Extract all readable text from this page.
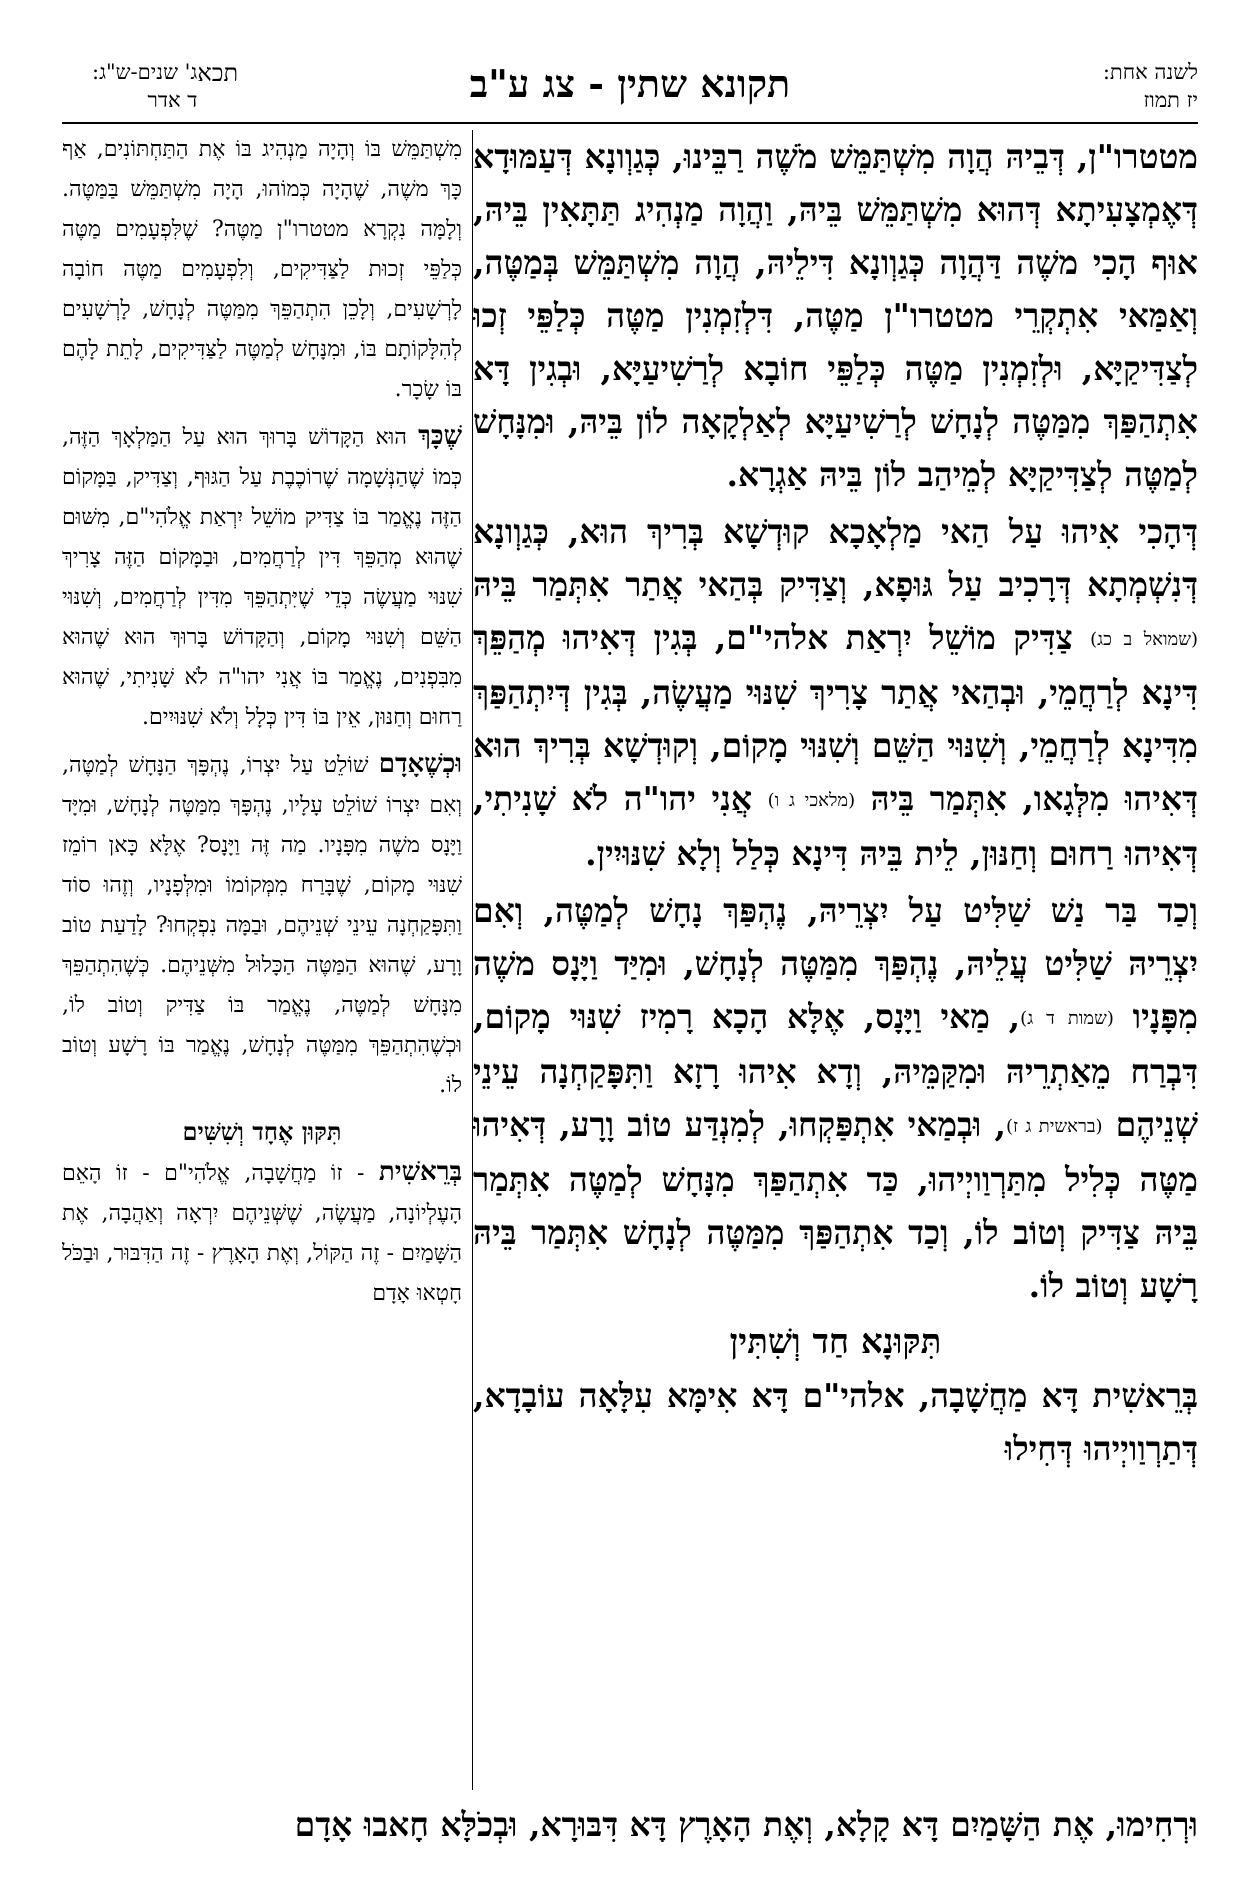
לשנה אחת:
יז תמוז
תקונא שתין - צג ע"ב
ג' שנים-ש"ג:
ד אדר
תכא

מטטרו"ן, דְּבֵיהּ הֲוָה מִשְׁתַּמֵּשׁ מֹשֶׁה רַבֵּינוּ, כְּגַוְונָא דְּעַמּוּדָא דְּאֶמְצָעִיתָא דְּהוּא מִשְׁתַּמֵּשׁ בֵּיהּ, וַהֲוָה מַנְהִיג תַּתָּאִין בֵּיהּ, אוּף הָכִי משֶׁה דַּהֲוָה כְּגַוְונָא דִּילֵיהּ, הֲוָה מִשְׁתַּמֵּשׁ בְּמַטֶּה, וְאַמַּאי אִתְקְרֵי מטטרו"ן מַטֶּה, דִּלְזִמְנִין מַטֶּה כְּלַפֵּי זְכוּ לְצַדִּיקַיָּא, וּלְזִמְנִין מַטֶּה כְּלַפֵּי חוֹבָא לְרַשִׁיעַיָּא, וּבְגִין דָּא אִתְהַפַּךְ מִמַּטֶּה לְנָחָשׁ לְרַשִׁיעַיָּא לְאַלְקָאָה לוֹן בֵּיהּ, וּמִנָּחָשׁ לְמַטֶּה לְצַדִּיקַיָּא לְמֵיהַב לוֹן בֵּיהּ אַגְרָא.

דְּהָכִי אִיהוּ עַל הַאי מַלְאָכָא קוּדְשָׁא בְּרִיךְ הוּא, כְּגַוְונָא דְּנִשְׁמְתָא דְּרָכִיב עַל גּוּפָא, וְצַדִּיק בְּהַאי אֲתַר אִתְּמַר בֵּיהּ (שמואל ב כג) צַדִּיק מוֹשֵׁל יִרְאַת אלהי"ם, בְּגִין דְּאִיהוּ מְהַפֵּךְ דִּינָא לְרַחֲמֵי, וּבְהַאי אֲתַר צָרִיךְ שִׁנּוּי מַעֲשֶׂה, בְּגִין דְּיִתְהַפַּךְ מִדִּינָא לְרַחֲמֵי, וְשִׁנּוּי הַשֵּׁם וְשִׁנּוּי מָקוֹם, וְקוּדְשָׁא בְּרִיךְ הוּא דְּאִיהוּ מִלְּגָאו, אִתְּמַר בֵּיהּ (מלאכי ג ו) אֲנִי יהו"ה לֹא שָׁנִיתִי, דְּאִיהוּ רַחוּם וְחַנּוּן, לֵית בֵּיהּ דִּינָא כְּלַל וְלָא שִׁנּוּיִין.

וְכַד בַּר נַשׁ שַׁלִּיט עַל יִצְרֵיהּ, נֶהְפַּךְ נָחָשׁ לְמַטֶּה, וְאִם יִצְרֵיהּ שַׁלִּיט עֲלֵיהּ, נֶהְפַּךְ מִמַּטֶּה לְנָחָשׁ, וּמִיַּד וַיָּנָס משֶׁה מִפָּנָיו (שמות ד ג), מַאי וַיָּנָס, אֶלָּא הָכָא רָמִיז שִׁנּוּי מָקוֹם, דִּבְרַח מֵאַתְרֵיהּ וּמִקַּמֵּיהּ, וְדָא אִיהוּ רָזָא וַתִּפָּקַחְנָה עֵינֵי שְׁנֵיהֶם (בראשית ג ז), וּבְמַאי אִתְפַּקְחוּ, לְמִנְדַּע טוֹב וָרָע, דְּאִיהוּ מַטֶּה כְּלִיל מִתַּרְוַויְיהוּ, כַּד אִתְהַפַּךְ מִנָּחָשׁ לְמַטֶּה אִתְּמַר בֵּיהּ צַדִּיק וְטוֹב לוֹ, וְכַד אִתְהַפַּךְ מִמַּטֶּה לְנָחָשׁ אִתְּמַר בֵּיהּ רָשָׁע וְטוֹב לוֹ.

תִּקּוּנָא חַד וְשִׁתִּין

בְּרֵאשִׁית דָּא מַחֲשָׁבָה, אלהי"ם דָּא אִימָּא עִלָּאָה עוֹבָדָא, דְּתַרְוַויְיהוּ דְּחִילוּ

מִשְׁתַּמֵּשׁ בּוֹ וְהָיָה מַנְהִיג בּוֹ אֶת הַתַּחְתּוֹנִים, אַף כָּךְ משֶׁה, שֶׁהָיָה כְּמוֹהוּ, הָיָה מִשְׁתַּמֵּשׁ בַּמַּטֶּה. וְלָמָּה נִקְרָא מטטרו"ן מַטֶּה? שֶׁלִּפְעָמִים מַטֶּה כְּלַפֵּי זְכוּת לַצַּדִּיקִים, וְלִפְעָמִים מַטֶּה חוֹבָה לָרְשָׁעִים, וְלָכֵן הִתְהַפֵּךְ מִמַּטֶּה לְנָחָשׁ, לָרְשָׁעִים לְהִלָּקוֹתָם בּוֹ, וּמִנָּחָשׁ לְמַטֶּה לַצַּדִּיקִים, לָתֵת לָהֶם בּוֹ שָׂכָר.

שֶׁכָּךְ הוּא הַקָּדוֹשׁ בָּרוּךְ הוּא עַל הַמַּלְאָךְ הַזֶּה, כְּמוֹ שֶׁהַנְּשָׁמָה שֶׁרוֹכֶבֶת עַל הַגּוּף, וְצַדִּיק, בַּמָּקוֹם הַזֶּה נֶאֱמַר בּוֹ צַדִּיק מוֹשֵׁל יִרְאַת אֱלֹהִי"ם, מִשּׁוּם שֶׁהוּא מְהַפֵּךְ דִּין לְרַחֲמִים, וּבַמָּקוֹם הַזֶּה צָרִיךְ שִׁנּוּי מַעֲשֶׂה כְּדֵי שֶׁיִּתְהַפֵּךְ מִדִּין לְרַחֲמִים, וְשִׁנּוּי הַשֵּׁם וְשִׁנּוּי מָקוֹם, וְהַקָּדוֹשׁ בָּרוּךְ הוּא שֶׁהוּא מִבִּפְנִים, נֶאֱמַר בּוֹ אֲנִי יהו"ה לֹא שָׁנִיתִי, שֶׁהוּא רַחוּם וְחַנּוּן, אֵין בּוֹ דִּין כְּלָל וְלֹא שִׁנּוּיִים.

וּכְשֶׁאָדָם שׁוֹלֵט עַל יִצְרוֹ, נֶהְפָּךְ הַנָּחָשׁ לְמַטֶּה, וְאִם יִצְרוֹ שׁוֹלֵט עָלָיו, נֶהְפָּךְ מִמַּטֶּה לְנָחָשׁ, וּמִיָּד וַיָּנָס משֶׁה מִפָּנָיו. מַה זֶּה וַיָּנָס? אֶלָּא כָּאן רוֹמֵז שִׁנּוּי מָקוֹם, שֶׁבָּרַח מִמְּקוֹמוֹ וּמִלְּפָנָיו, וְזֶהוּ סוֹד וַתִּפָּקַחְנָה עֵינֵי שְׁנֵיהֶם, וּבַמָּה נִפְקְחוּ? לָדַעַת טוֹב וָרָע, שֶׁהוּא הַמַּטֶּה הַכָּלוּל מִשְּׁנֵיהֶם. כְּשֶׁהִתְהַפֵּךְ מִנָּחָשׁ לְמַטֶּה, נֶאֱמַר בּוֹ צַדִּיק וְטוֹב לוֹ, וּכְשֶׁהִתְהַפֵּךְ מִמַּטֶּה לְנָחָשׁ, נֶאֱמַר בּוֹ רָשָׁע וְטוֹב לוֹ.

תִּקּוּן אֶחָד וְשִׁשִּׁים

בְּרֵאשִׁית - זוֹ מַחֲשָׁבָה, אֱלֹהִי"ם - זוֹ הָאֵם הָעֶלְיוֹנָה, מַעֲשֶׂה, שֶׁשְּׁנֵיהֶם יִרְאָה וְאַהֲבָה, אֶת הַשָּׁמַיִם - זֶה הַקּוֹל, וְאֶת הָאָרֶץ - זֶה הַדִּבּוּר, וּבַכֹּל חָטְאוּ אָדָם

וּרְחִימוּ, אֶת הַשָּׁמַיִם דָּא קָלָא, וְאֶת הָאָרֶץ דָּא דִּבּוּרָא, וּבְכֹלָּא חָאבוּ אָדָם
